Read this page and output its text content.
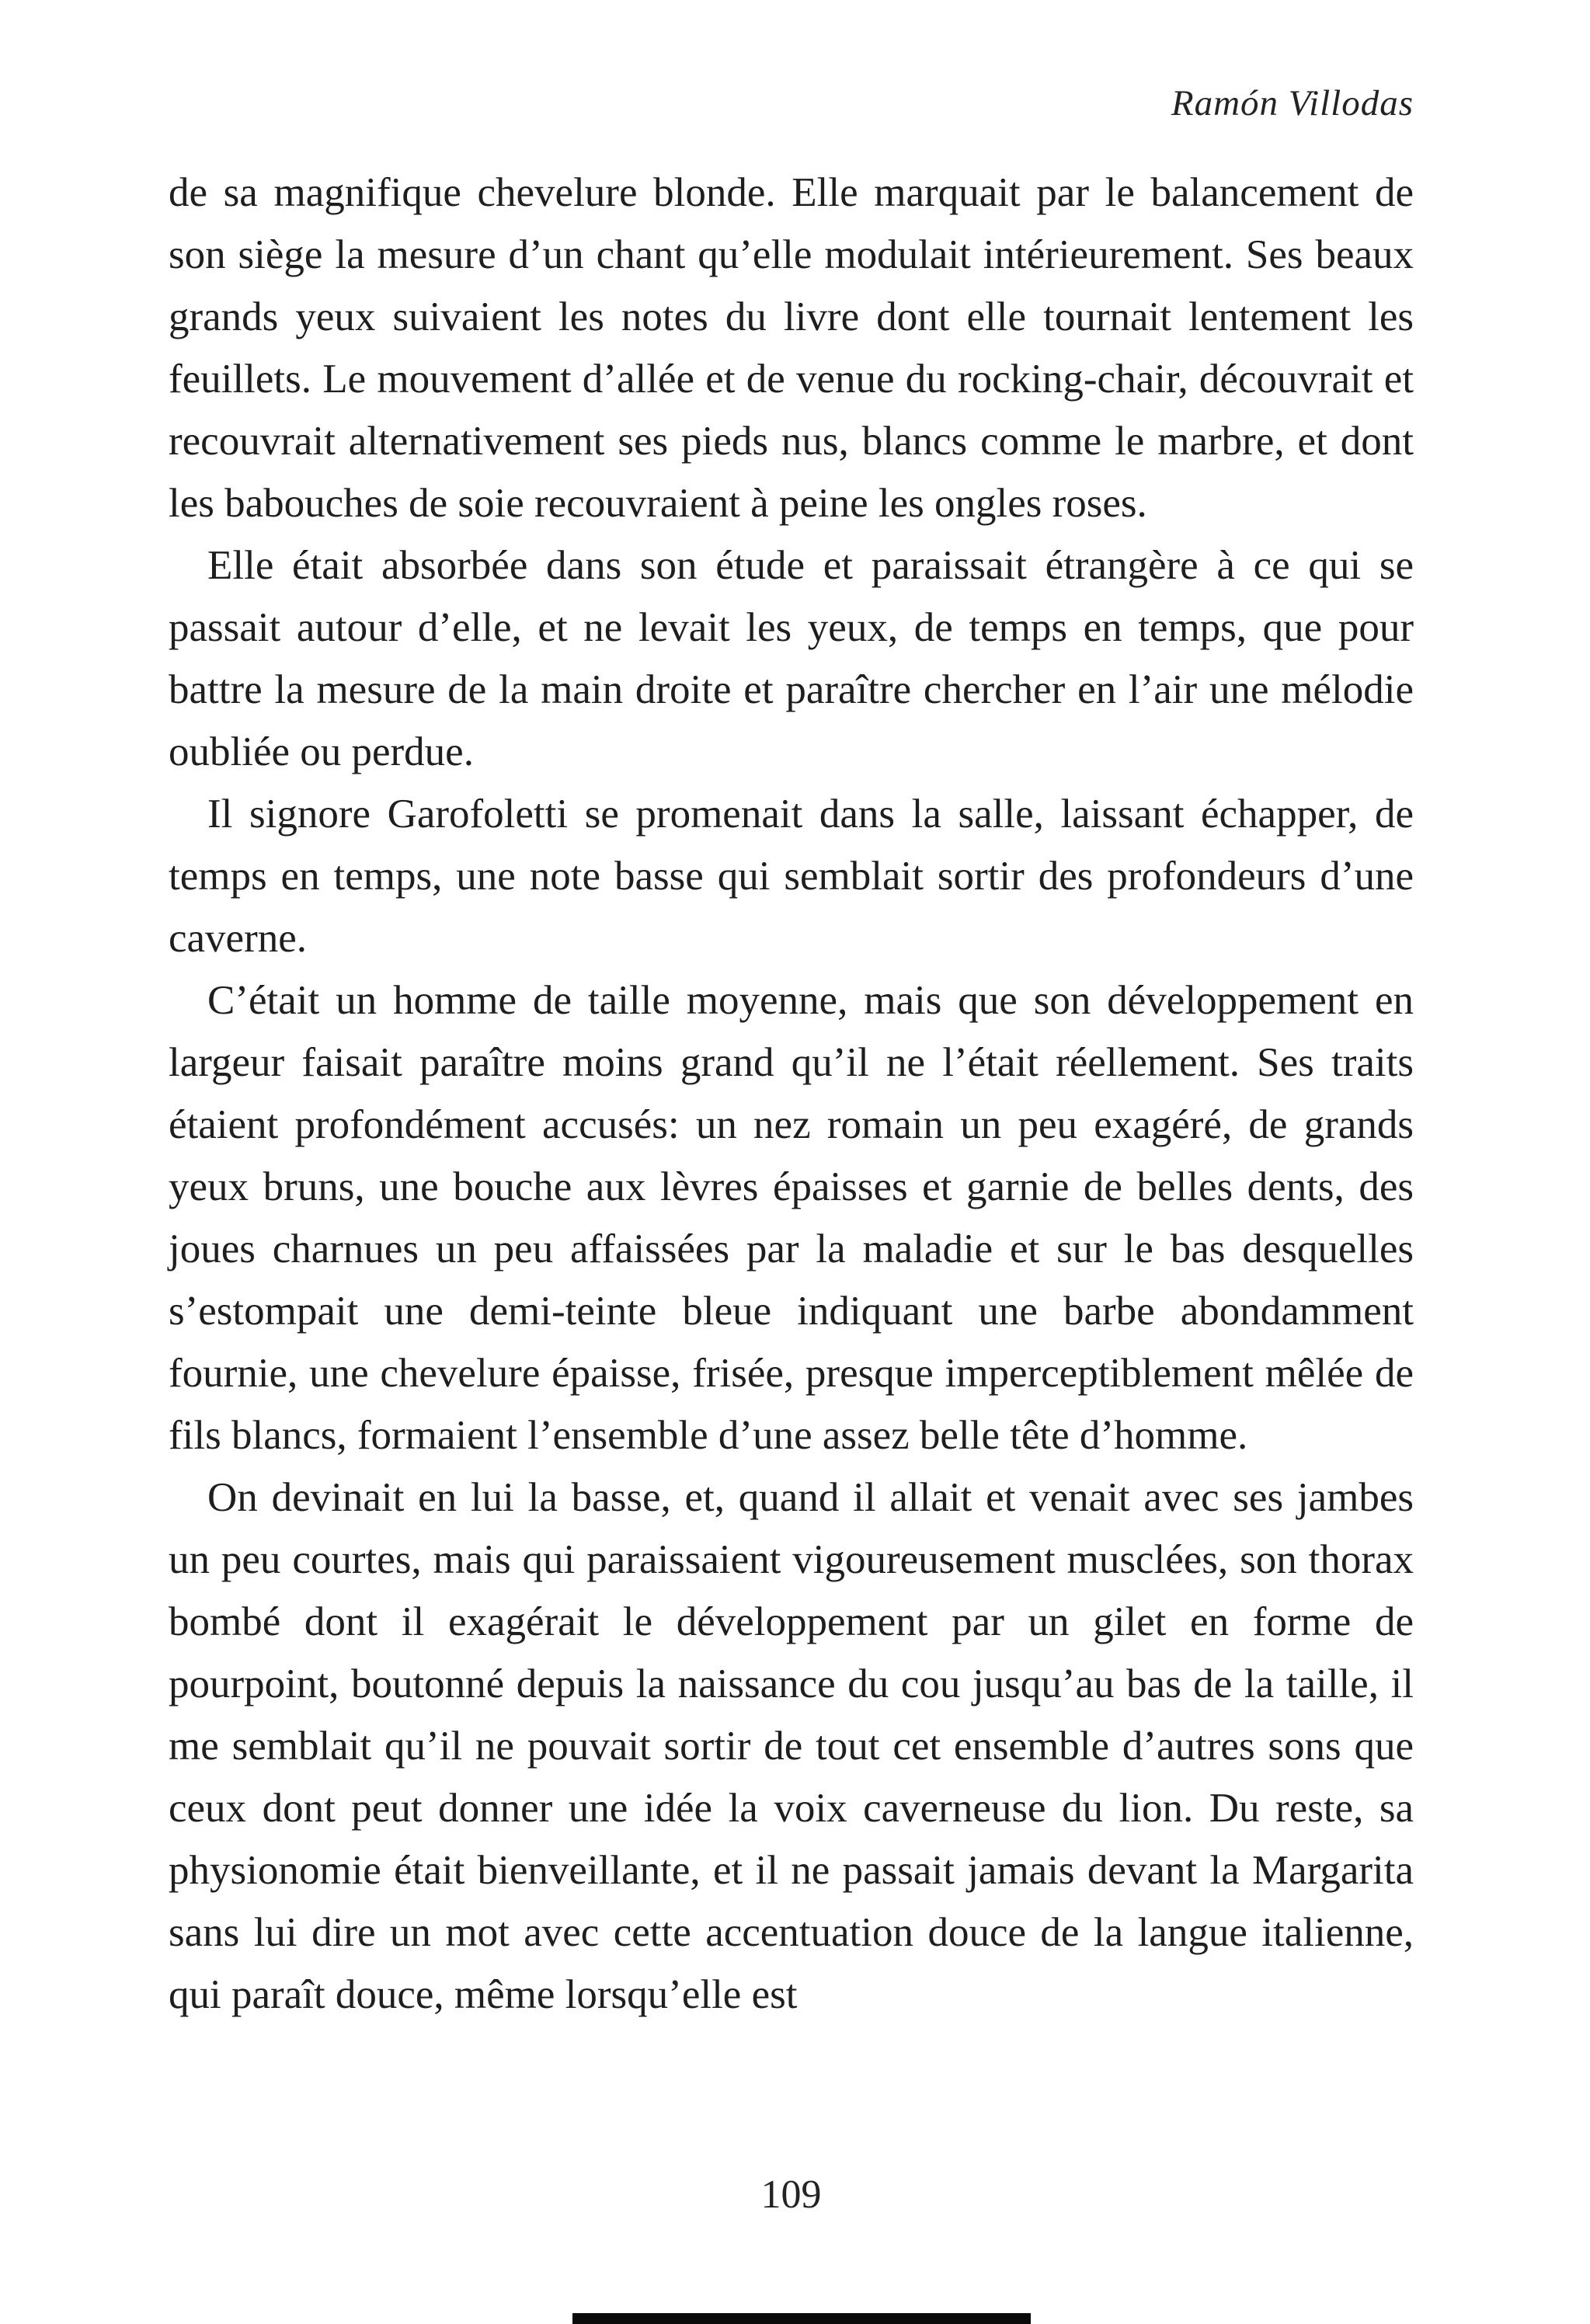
Ramón Villodas

de sa magnifique chevelure blonde. Elle marquait par le balancement de son siège la mesure d’un chant qu’elle modulait intérieurement. Ses beaux grands yeux suivaient les notes du livre dont elle tournait lentement les feuillets. Le mouvement d’allée et de venue du rocking-chair, découvrait et recouvrait alternativement ses pieds nus, blancs comme le marbre, et dont les babouches de soie recouvraient à peine les ongles roses.

Elle était absorbée dans son étude et paraissait étrangère à ce qui se passait autour d’elle, et ne levait les yeux, de temps en temps, que pour battre la mesure de la main droite et paraître chercher en l’air une mélodie oubliée ou perdue.

Il signore Garofoletti se promenait dans la salle, laissant échapper, de temps en temps, une note basse qui semblait sortir des profondeurs d’une caverne.

C’était un homme de taille moyenne, mais que son développement en largeur faisait paraître moins grand qu’il ne l’était réellement. Ses traits étaient profondément accusés: un nez romain un peu exagéré, de grands yeux bruns, une bouche aux lèvres épaisses et garnie de belles dents, des joues charnues un peu affaissées par la maladie et sur le bas desquelles s’estompait une demi-teinte bleue indiquant une barbe abondamment fournie, une chevelure épaisse, frisée, presque imperceptiblement mêlée de fils blancs, formaient l’ensemble d’une assez belle tête d’homme.

On devinait en lui la basse, et, quand il allait et venait avec ses jambes un peu courtes, mais qui paraissaient vigoureusement musclées, son thorax bombé dont il exagérait le développement par un gilet en forme de pourpoint, boutonné depuis la naissance du cou jusqu’au bas de la taille, il me semblait qu’il ne pouvait sortir de tout cet ensemble d’autres sons que ceux dont peut donner une idée la voix caverneuse du lion. Du reste, sa physionomie était bienveillante, et il ne passait jamais devant la Margarita sans lui dire un mot avec cette accentuation douce de la langue italienne, qui paraît douce, même lorsqu’elle est

109
